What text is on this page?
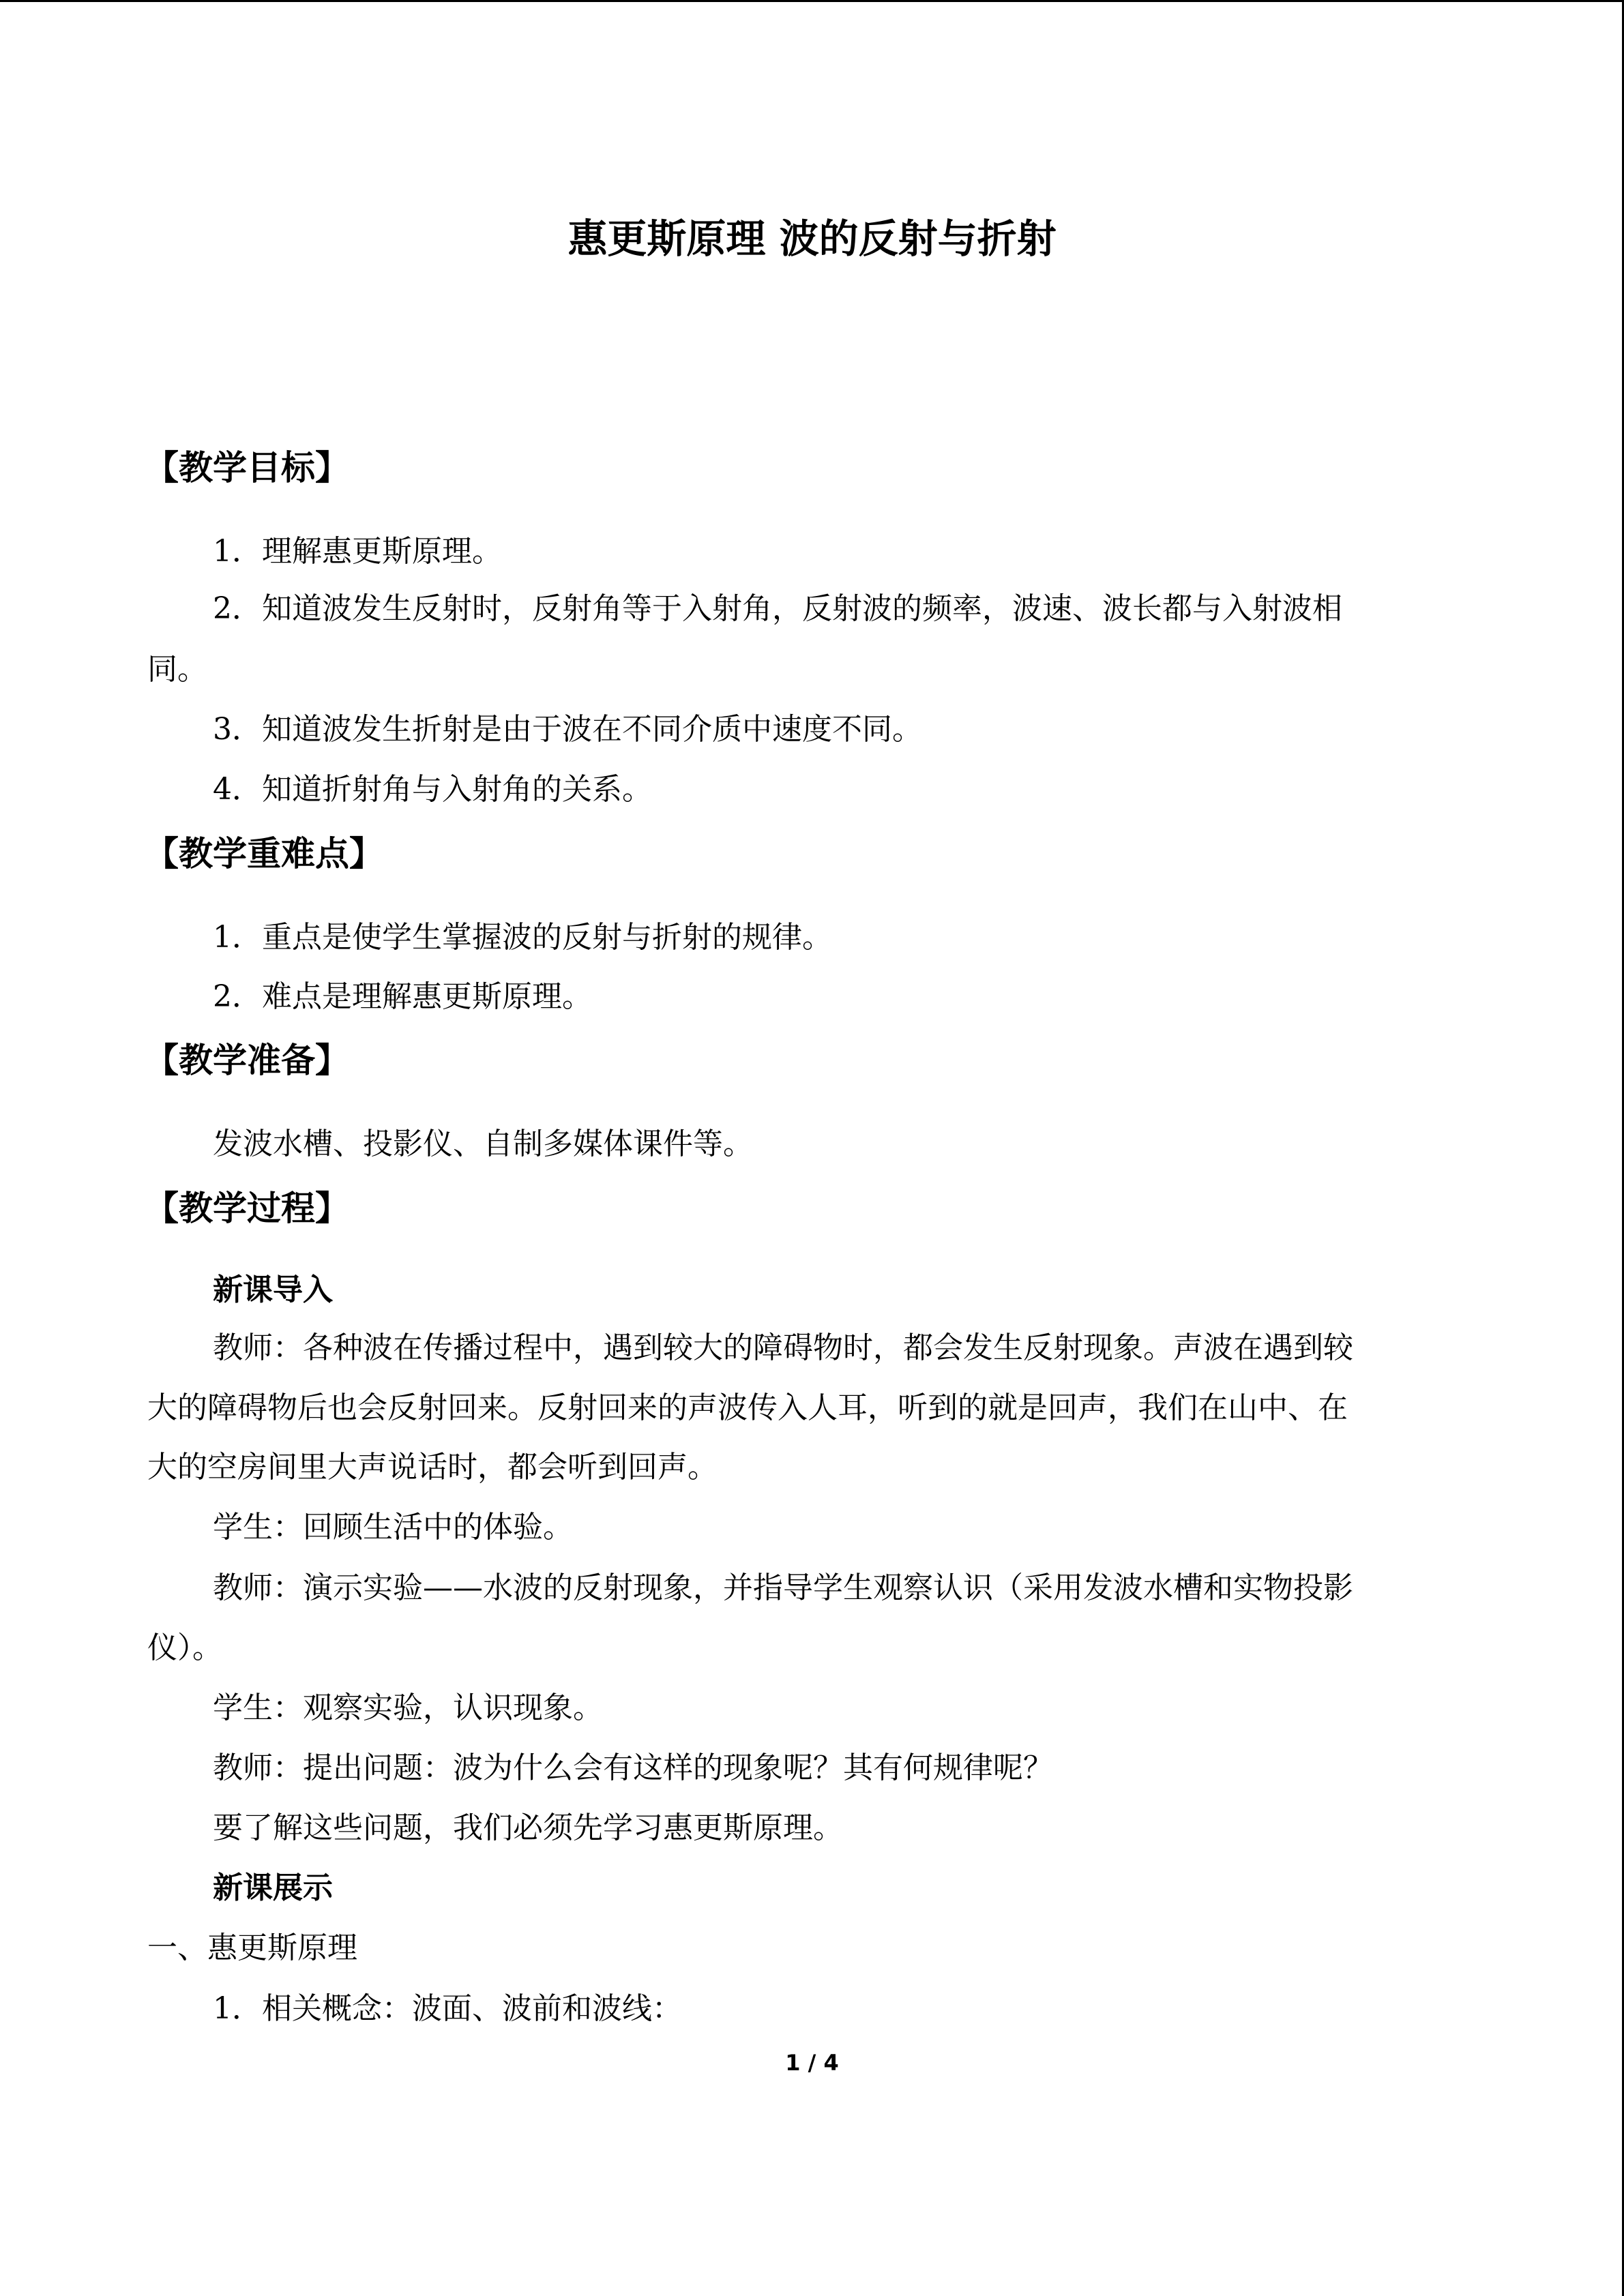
惠更斯原理 波的反射与折射
【教学目标】
1．理解惠更斯原理。
2．知道波发生反射时，反射角等于入射角，反射波的频率，波速、波长都与入射波相
同。
3．知道波发生折射是由于波在不同介质中速度不同。
4．知道折射角与入射角的关系。
【教学重难点】
1．重点是使学生掌握波的反射与折射的规律。
2．难点是理解惠更斯原理。
【教学准备】
发波水槽、投影仪、自制多媒体课件等。
【教学过程】
新课导入
教师：各种波在传播过程中，遇到较大的障碍物时，都会发生反射现象。声波在遇到较
大的障碍物后也会反射回来。反射回来的声波传入人耳，听到的就是回声，我们在山中、在
大的空房间里大声说话时，都会听到回声。
学生：回顾生活中的体验。
教师：演示实验——水波的反射现象，并指导学生观察认识（采用发波水槽和实物投影
仪）。
学生：观察实验，认识现象。
教师：提出问题：波为什么会有这样的现象呢？其有何规律呢？
要了解这些问题，我们必须先学习惠更斯原理。
新课展示
一、惠更斯原理
1．相关概念：波面、波前和波线：
1 / 4
